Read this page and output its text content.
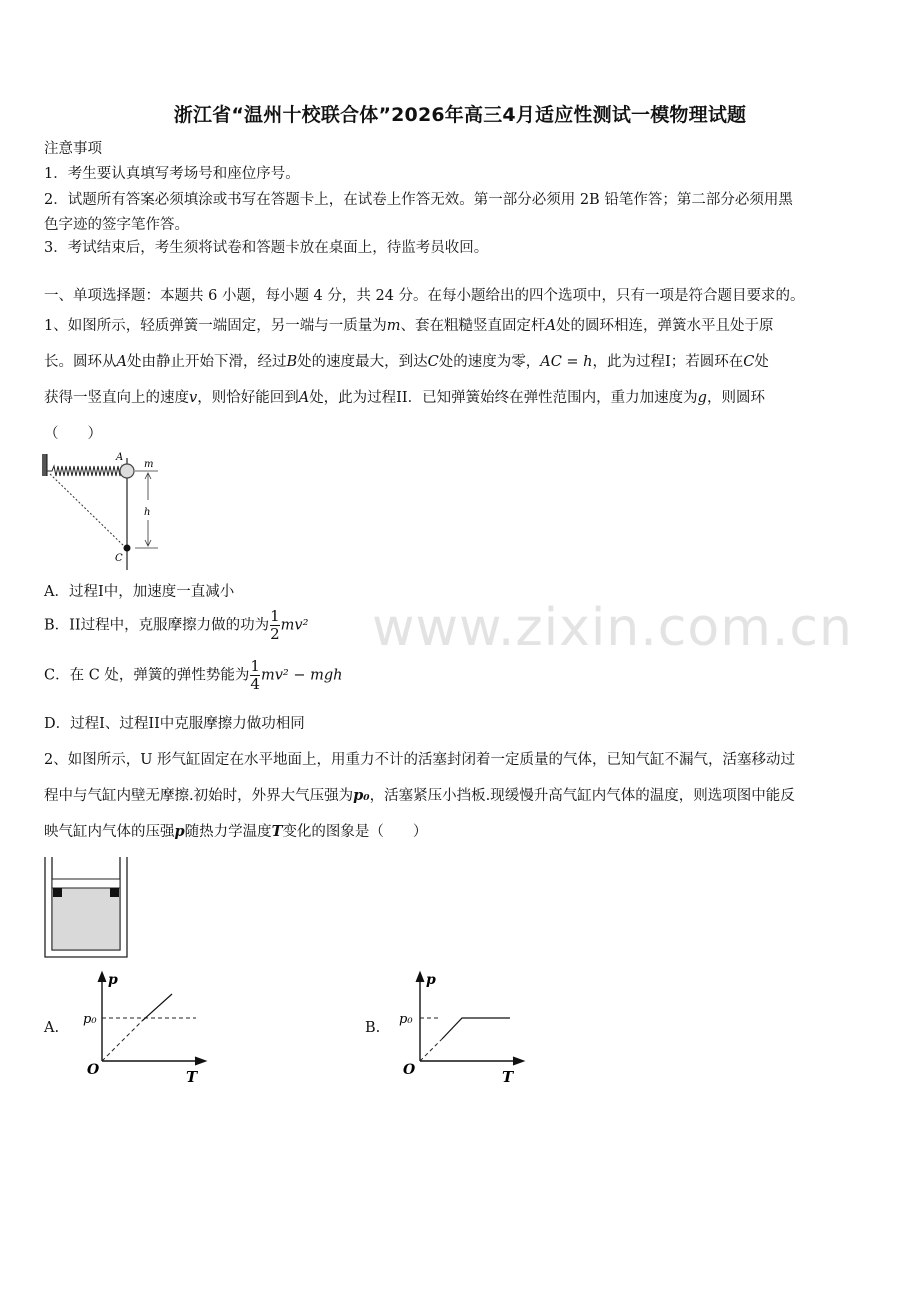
浙江省“温州十校联合体”2026年高三4月适应性测试一模物理试题
www.zixin.com.cn
注意事项
1．考生要认真填写考场号和座位序号。
2．试题所有答案必须填涂或书写在答题卡上，在试卷上作答无效。第一部分必须用 2B 铅笔作答；第二部分必须用黑
色字迹的签字笔作答。
3．考试结束后，考生须将试卷和答题卡放在桌面上，待监考员收回。
一、单项选择题：本题共 6 小题，每小题 4 分，共 24 分。在每小题给出的四个选项中，只有一项是符合题目要求的。
1、如图所示，轻质弹簧一端固定，另一端与一质量为m、套在粗糙竖直固定杆A处的圆环相连，弹簧水平且处于原
长。圆环从A处由静止开始下滑，经过B处的速度最大，到达C处的速度为零，AC = h，此为过程I；若圆环在C处
获得一竖直向上的速度v，则恰好能回到A处，此为过程II．已知弹簧始终在弹性范围内，重力加速度为g，则圆环
（　　）
A
m
h
C
A．过程I中，加速度一直减小
B．II过程中，克服摩擦力做的功为 $\frac{1}{2} mv^2$
C．在 C 处，弹簧的弹性势能为 $\frac{1}{4} mv^2$ − mgh
D．过程I、过程II中克服摩擦力做功相同
2、如图所示，U 形气缸固定在水平地面上，用重力不计的活塞封闭着一定质量的气体，已知气缸不漏气，活塞移动过
程中与气缸内壁无摩擦.初始时，外界大气压强为p₀，活塞紧压小挡板.现缓慢升高气缸内气体的温度，则选项图中能反
映气缸内气体的压强p随热力学温度T变化的图象是（　　）
A.
p
p₀
O	T
B.
p
p₀
O	T
